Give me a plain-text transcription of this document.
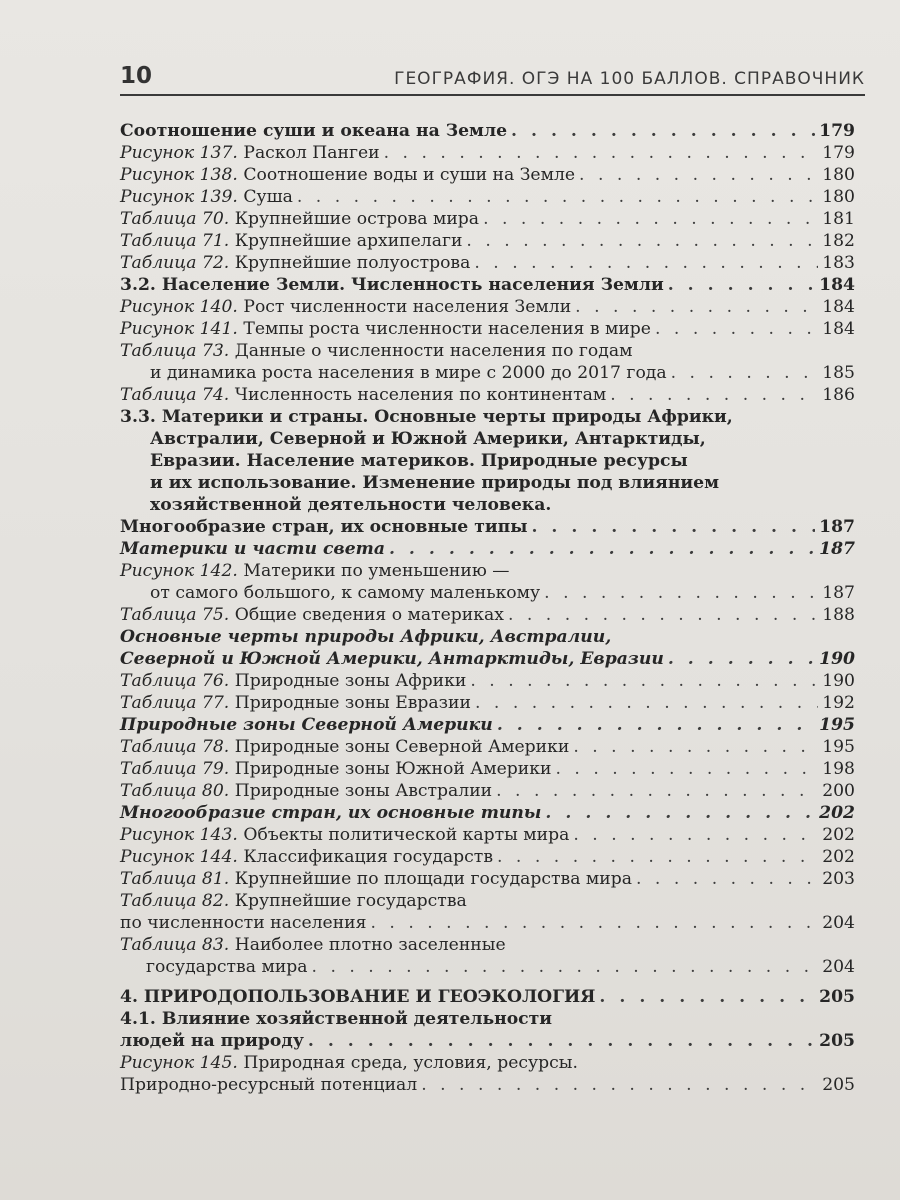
10	ГЕОГРАФИЯ. ОГЭ НА 100 БАЛЛОВ. СПРАВОЧНИК
Соотношение суши и океана на Земле . . .	179
Рисунок 137. Раскол Пангеи . . .	179
Рисунок 138. Соотношение воды и суши на Земле . . .	180
Рисунок 139. Суша . . .	180
Таблица 70. Крупнейшие острова мира . . .	181
Таблица 71. Крупнейшие архипелаги . . .	182
Таблица 72. Крупнейшие полуострова . . .	183
3.2. Население Земли. Численность населения Земли . . .	184
Рисунок 140. Рост численности населения Земли . . .	184
Рисунок 141. Темпы роста численности населения в мире . . .	184
Таблица 73. Данные о численности населения по годам
и динамика роста населения в мире с 2000 до 2017 года . . .	185
Таблица 74. Численность населения по континентам . . .	186
3.3. Материки и страны. Основные черты природы Африки,
Австралии, Северной и Южной Америки, Антарктиды,
Евразии. Население материков. Природные ресурсы
и их использование. Изменение природы под влиянием
хозяйственной деятельности человека.
Многообразие стран, их основные типы . . .	187
Материки и части света . . .	187
Рисунок 142. Материки по уменьшению —
от самого большого, к самому маленькому . . .	187
Таблица 75. Общие сведения о материках . . .	188
Основные черты природы Африки, Австралии,
Северной и Южной Америки, Антарктиды, Евразии . . .	190
Таблица 76. Природные зоны Африки . . .	190
Таблица 77. Природные зоны Евразии . . .	192
Природные зоны Северной Америки . . .	195
Таблица 78. Природные зоны Северной Америки . . .	195
Таблица 79. Природные зоны Южной Америки . . .	198
Таблица 80. Природные зоны Австралии . . .	200
Многообразие стран, их основные типы . . .	202
Рисунок 143. Объекты политической карты мира . . .	202
Рисунок 144. Классификация государств . . .	202
Таблица 81. Крупнейшие по площади государства мира . . .	203
Таблица 82. Крупнейшие государства
по численности населения . . .	204
Таблица 83. Наиболее плотно заселенные
государства мира . . .	204
4. ПРИРОДОПОЛЬЗОВАНИЕ И ГЕОЭКОЛОГИЯ . . .	205
4.1. Влияние хозяйственной деятельности
людей на природу . . .	205
Рисунок 145. Природная среда, условия, ресурсы.
Природно-ресурсный потенциал . . .	205
